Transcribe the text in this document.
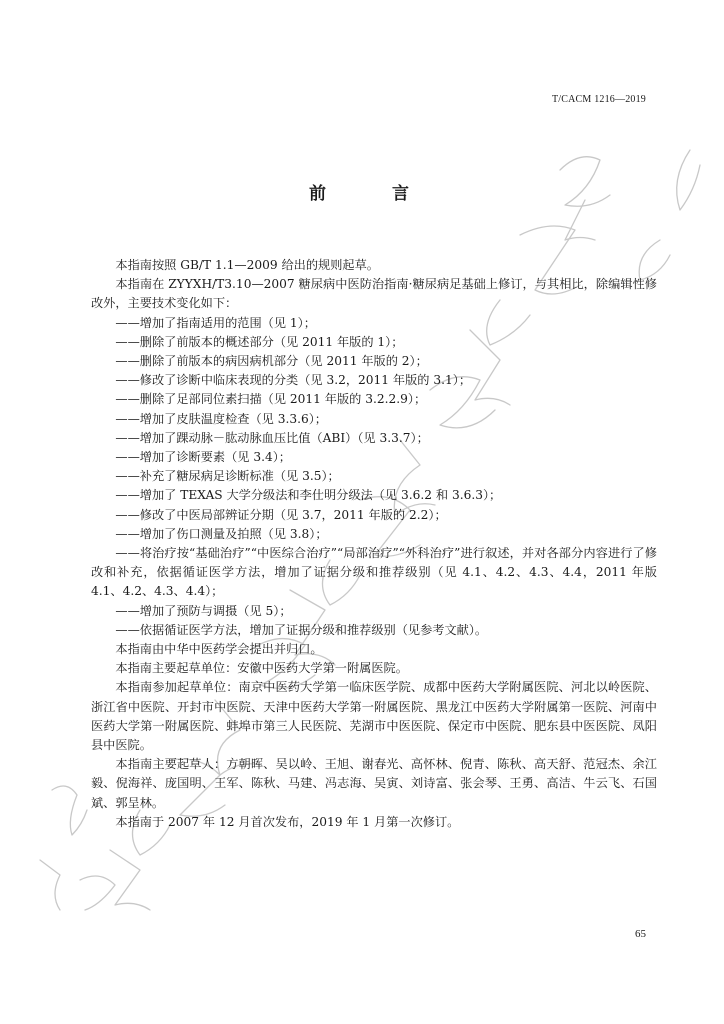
T/CACM 1216—2019
前 言

本指南按照 GB/T 1.1—2009 给出的规则起草。

本指南在 ZYYXH/T3.10—2007 糖尿病中医防治指南·糖尿病足基础上修订，与其相比，除编辑性修改外，主要技术变化如下：

——增加了指南适用的范围（见 1）；

——删除了前版本的概述部分（见 2011 年版的 1）；

——删除了前版本的病因病机部分（见 2011 年版的 2）；

——修改了诊断中临床表现的分类（见 3.2，2011 年版的 3.1）；

——删除了足部同位素扫描（见 2011 年版的 3.2.2.9）；

——增加了皮肤温度检查（见 3.3.6）；

——增加了踝动脉－肱动脉血压比值（ABI）（见 3.3.7）；

——增加了诊断要素（见 3.4）；

——补充了糖尿病足诊断标准（见 3.5）；

——增加了 TEXAS 大学分级法和李仕明分级法（见 3.6.2 和 3.6.3）；

——修改了中医局部辨证分期（见 3.7，2011 年版的 2.2）；

——增加了伤口测量及拍照（见 3.8）；

——将治疗按“基础治疗”“中医综合治疗”“局部治疗”“外科治疗”进行叙述，并对各部分内容进行了修改和补充，依据循证医学方法，增加了证据分级和推荐级别（见 4.1、4.2、4.3、4.4，2011 年版 4.1、4.2、4.3、4.4）；

——增加了预防与调摄（见 5）；

——依据循证医学方法，增加了证据分级和推荐级别（见参考文献）。

本指南由中华中医药学会提出并归口。

本指南主要起草单位：安徽中医药大学第一附属医院。

本指南参加起草单位：南京中医药大学第一临床医学院、成都中医药大学附属医院、河北以岭医院、浙江省中医院、开封市中医院、天津中医药大学第一附属医院、黑龙江中医药大学附属第一医院、河南中医药大学第一附属医院、蚌埠市第三人民医院、芜湖市中医医院、保定市中医院、肥东县中医医院、凤阳县中医院。

本指南主要起草人：方朝晖、吴以岭、王旭、谢春光、高怀林、倪青、陈秋、高天舒、范冠杰、余江毅、倪海祥、庞国明、王军、陈秋、马建、冯志海、吴寅、刘诗富、张会琴、王勇、高洁、牛云飞、石国斌、郭呈林。

本指南于 2007 年 12 月首次发布，2019 年 1 月第一次修订。

65
